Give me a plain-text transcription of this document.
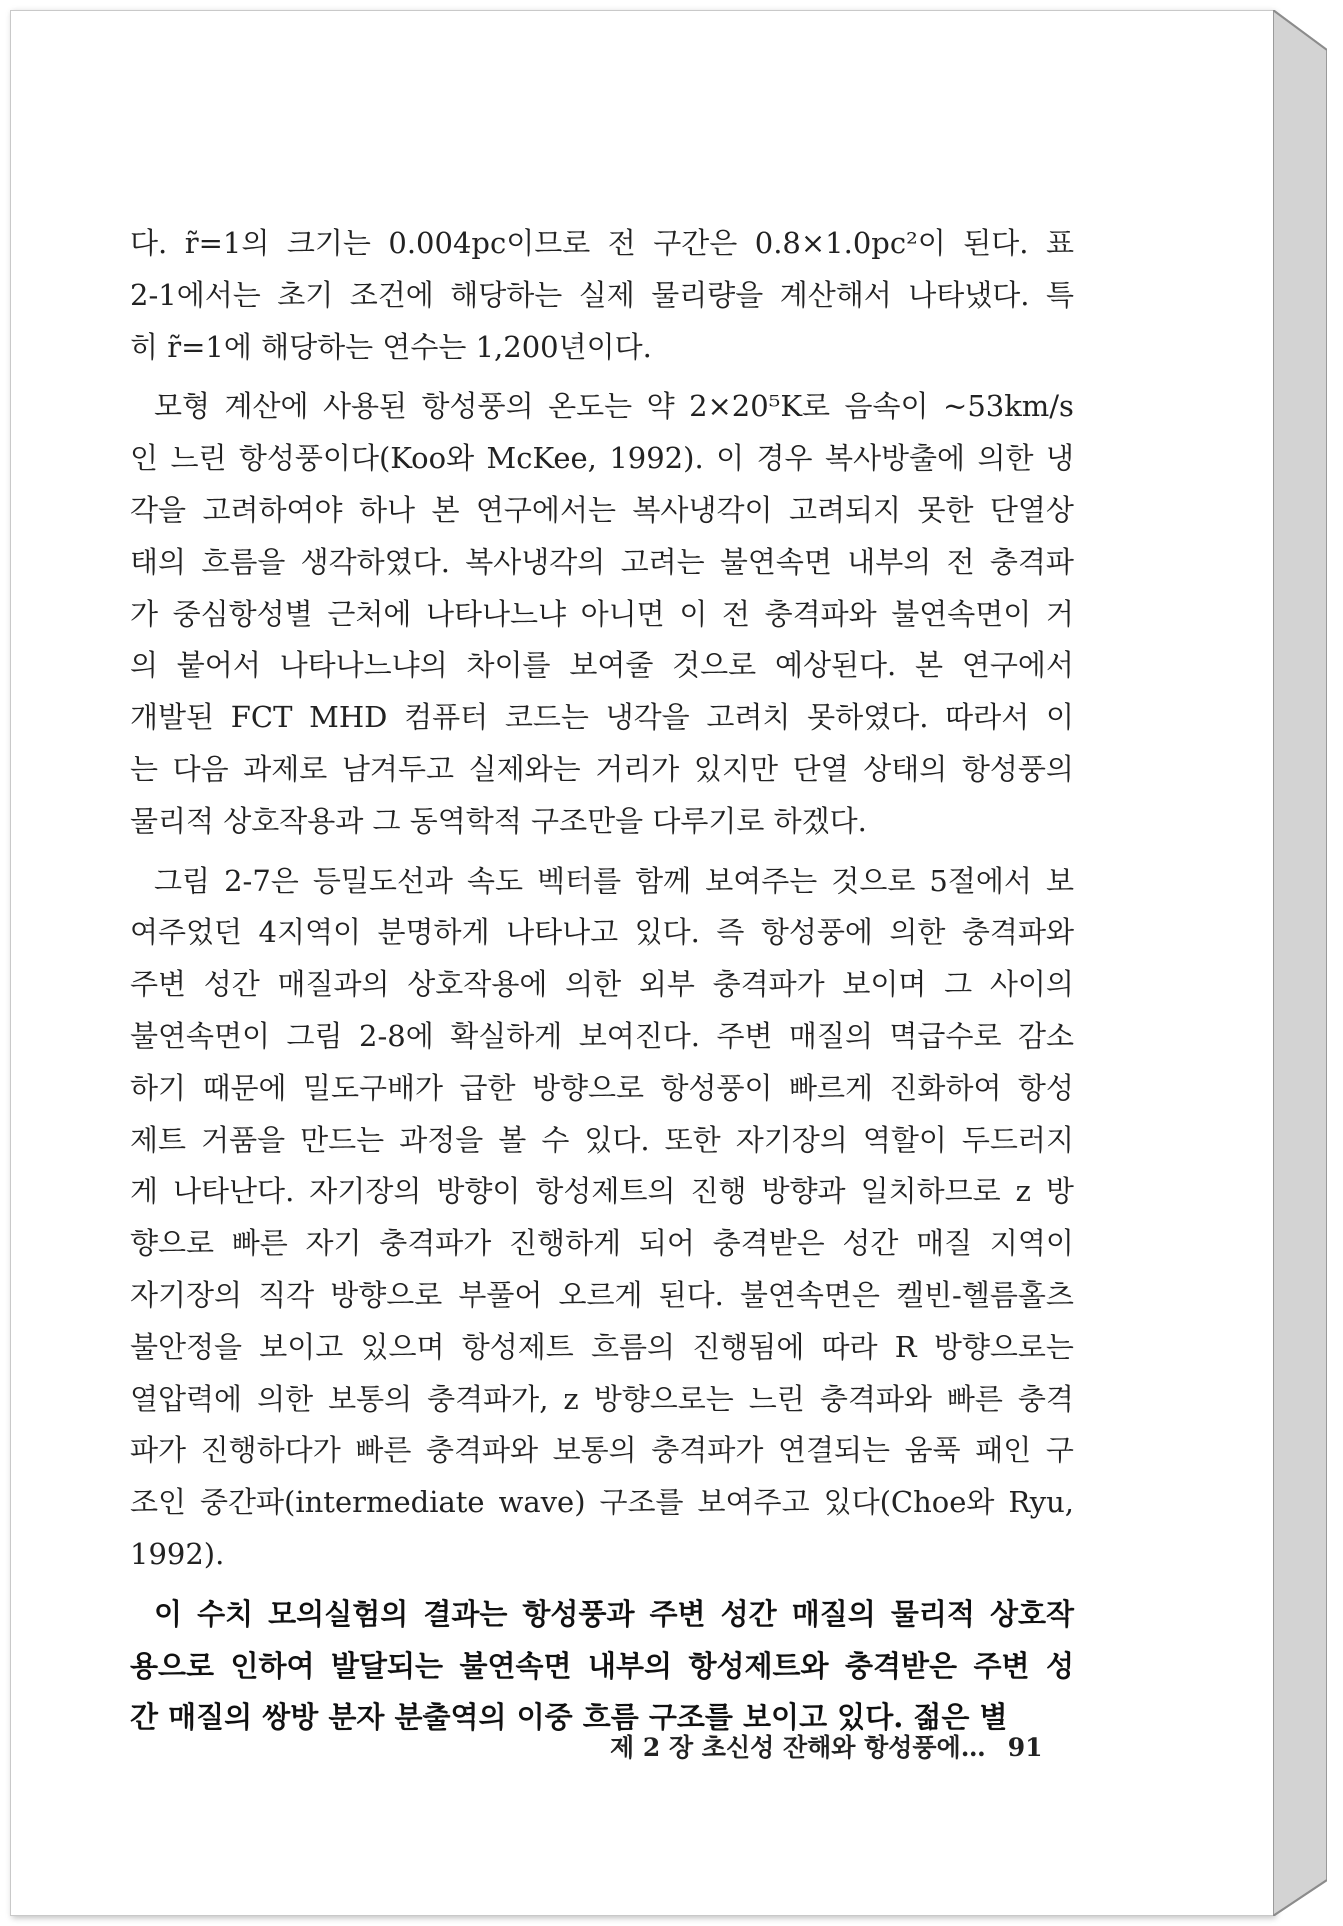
다. r̃=1의 크기는 0.004pc이므로 전 구간은 0.8×1.0pc²이 된다. 표
2-1에서는 초기 조건에 해당하는 실제 물리량을 계산해서 나타냈다. 특
히 r̃=1에 해당하는 연수는 1,200년이다.
모형 계산에 사용된 항성풍의 온도는 약 2×20⁵K로 음속이 ~53km/s
인 느린 항성풍이다(Koo와 McKee, 1992). 이 경우 복사방출에 의한 냉
각을 고려하여야 하나 본 연구에서는 복사냉각이 고려되지 못한 단열상
태의 흐름을 생각하였다. 복사냉각의 고려는 불연속면 내부의 전 충격파
가 중심항성별 근처에 나타나느냐 아니면 이 전 충격파와 불연속면이 거
의 붙어서 나타나느냐의 차이를 보여줄 것으로 예상된다. 본 연구에서
개발된 FCT MHD 컴퓨터 코드는 냉각을 고려치 못하였다. 따라서 이
는 다음 과제로 남겨두고 실제와는 거리가 있지만 단열 상태의 항성풍의
물리적 상호작용과 그 동역학적 구조만을 다루기로 하겠다.
그림 2-7은 등밀도선과 속도 벡터를 함께 보여주는 것으로 5절에서 보
여주었던 4지역이 분명하게 나타나고 있다. 즉 항성풍에 의한 충격파와
주변 성간 매질과의 상호작용에 의한 외부 충격파가 보이며 그 사이의
불연속면이 그림 2-8에 확실하게 보여진다. 주변 매질의 멱급수로 감소
하기 때문에 밀도구배가 급한 방향으로 항성풍이 빠르게 진화하여 항성
제트 거품을 만드는 과정을 볼 수 있다. 또한 자기장의 역할이 두드러지
게 나타난다. 자기장의 방향이 항성제트의 진행 방향과 일치하므로 z 방
향으로 빠른 자기 충격파가 진행하게 되어 충격받은 성간 매질 지역이
자기장의 직각 방향으로 부풀어 오르게 된다. 불연속면은 켈빈-헬름홀츠
불안정을 보이고 있으며 항성제트 흐름의 진행됨에 따라 R 방향으로는
열압력에 의한 보통의 충격파가, z 방향으로는 느린 충격파와 빠른 충격
파가 진행하다가 빠른 충격파와 보통의 충격파가 연결되는 움푹 패인 구
조인 중간파(intermediate wave) 구조를 보여주고 있다(Choe와 Ryu,
1992).
이 수치 모의실험의 결과는 항성풍과 주변 성간 매질의 물리적 상호작
용으로 인하여 발달되는 불연속면 내부의 항성제트와 충격받은 주변 성
간 매질의 쌍방 분자 분출역의 이중 흐름 구조를 보이고 있다. 젊은 별
제 2 장 초신성 잔해와 항성풍에… 91
